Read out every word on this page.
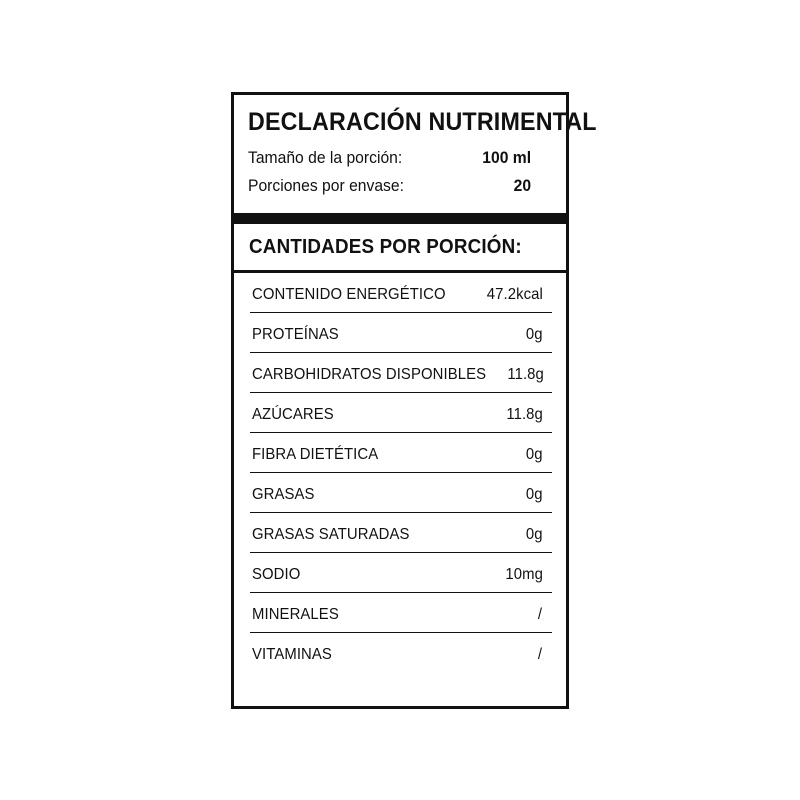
DECLARACIÓN NUTRIMENTAL
Tamaño de la porción:	100 ml
Porciones por envase:	20
CANTIDADES POR PORCIÓN:
CONTENIDO ENERGÉTICO	47.2kcal
PROTEÍNAS	0g
CARBOHIDRATOS DISPONIBLES 11.8g
AZÚCARES	11.8g
FIBRA DIETÉTICA	0g
GRASAS	0g
GRASAS SATURADAS	0g
SODIO	10mg
MINERALES	/
VITAMINAS	/
